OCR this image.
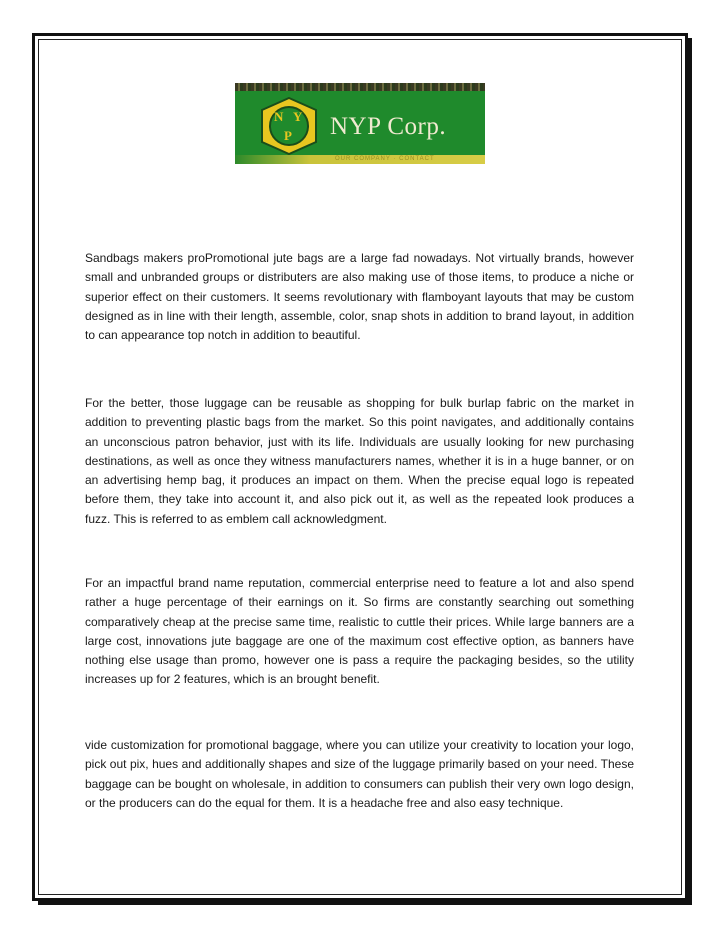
N Y
P NYP Corp.
OUR COMPANY · CONTACT

Sandbags makers proPromotional jute bags are a large fad nowadays. Not virtually brands, however small and unbranded groups or distributers are also making use of those items, to produce a niche or superior effect on their customers. It seems revolutionary with flamboyant layouts that may be custom designed as in line with their length, assemble, color, snap shots in addition to brand layout, in addition to can appearance top notch in addition to beautiful.

For the better, those luggage can be reusable as shopping for bulk burlap fabric on the market in addition to preventing plastic bags from the market. So this point navigates, and additionally contains an unconscious patron behavior, just with its life. Individuals are usually looking for new purchasing destinations, as well as once they witness manufacturers names, whether it is in a huge banner, or on an advertising hemp bag, it produces an impact on them. When the precise equal logo is repeated before them, they take into account it, and also pick out it, as well as the repeated look produces a fuzz. This is referred to as emblem call acknowledgment.

For an impactful brand name reputation, commercial enterprise need to feature a lot and also spend rather a huge percentage of their earnings on it. So firms are constantly searching out something comparatively cheap at the precise same time, realistic to cuttle their prices. While large banners are a large cost, innovations jute baggage are one of the maximum cost effective option, as banners have nothing else usage than promo, however one is pass a require the packaging besides, so the utility increases up for 2 features, which is an brought benefit.

vide customization for promotional baggage, where you can utilize your creativity to location your logo, pick out pix, hues and additionally shapes and size of the luggage primarily based on your need. These baggage can be bought on wholesale, in addition to consumers can publish their very own logo design, or the producers can do the equal for them. It is a headache free and also easy technique.
